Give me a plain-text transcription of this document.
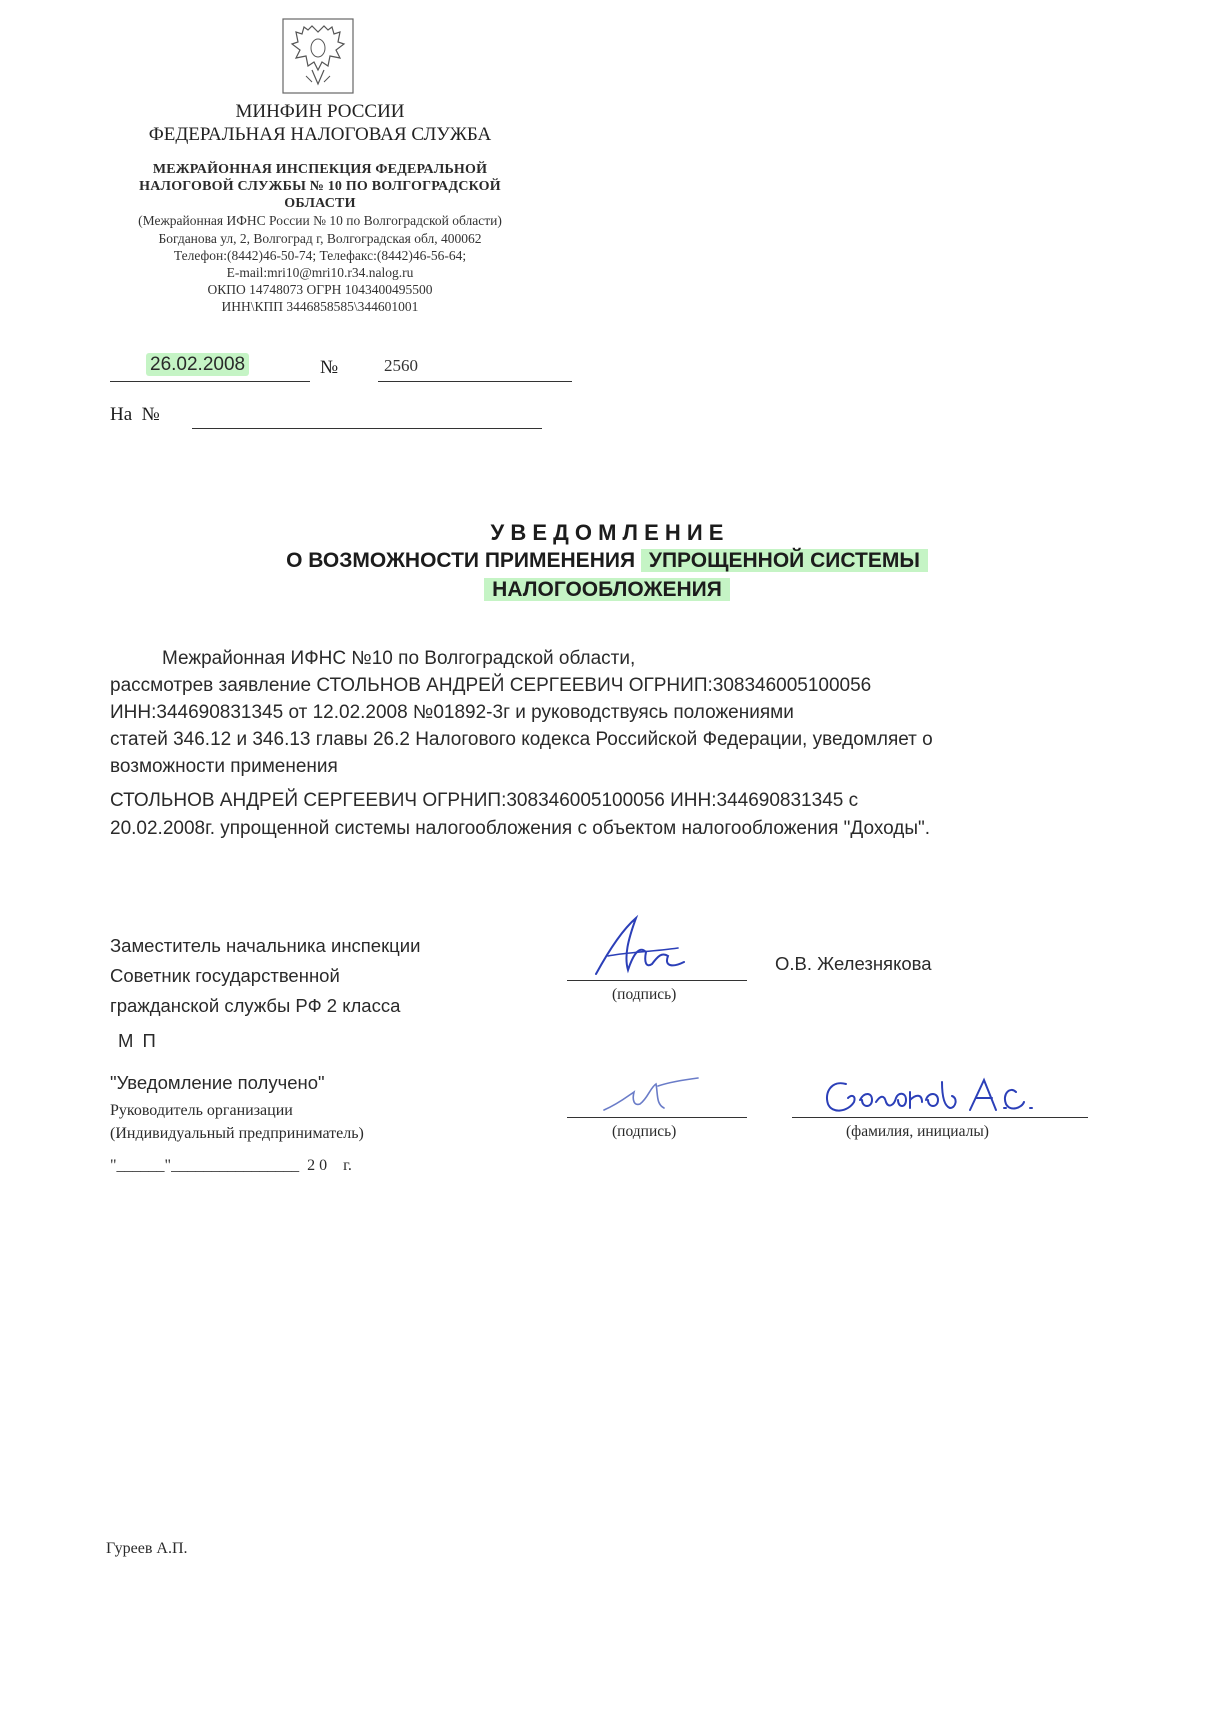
МИНФИН РОССИИ
ФЕДЕРАЛЬНАЯ НАЛОГОВАЯ СЛУЖБА
МЕЖРАЙОННАЯ ИНСПЕКЦИЯ ФЕДЕРАЛЬНОЙ
НАЛОГОВОЙ СЛУЖБЫ № 10 ПО ВОЛГОГРАДСКОЙ
ОБЛАСТИ
(Межрайонная ИФНС России № 10 по Волгоградской области)
Богданова ул, 2, Волгоград г, Волгоградская обл, 400062
Телефон:(8442)46-50-74; Телефакс:(8442)46-56-64;
E-mail:mri10@mri10.r34.nalog.ru
ОКПО 14748073 ОГРН 1043400495500
ИНН\КПП 3446858585\344601001
26.02.2008	№	2560
На  №
У В Е Д О М Л Е Н И Е
О ВОЗМОЖНОСТИ ПРИМЕНЕНИЯ УПРОЩЕННОЙ СИСТЕМЫ
НАЛОГООБЛОЖЕНИЯ
Межрайонная ИФНС №10 по Волгоградской области,
рассмотрев заявление СТОЛЬНОВ АНДРЕЙ СЕРГЕЕВИЧ ОГРНИП:308346005100056
ИНН:344690831345 от 12.02.2008 №01892-3г и руководствуясь положениями
статей 346.12 и 346.13 главы 26.2 Налогового кодекса Российской Федерации, уведомляет о
возможности применения
СТОЛЬНОВ АНДРЕЙ СЕРГЕЕВИЧ ОГРНИП:308346005100056 ИНН:344690831345 с
20.02.2008г. упрощенной системы налогообложения с объектом налогообложения "Доходы".
Заместитель начальника инспекции
Советник государственной
гражданской службы РФ 2 класса
М П
(подпись)
О.В. Железнякова
"Уведомление получено"
Руководитель организации
(Индивидуальный предприниматель)
"______"________________  2 0    г.
(подпись)	(фамилия, инициалы)
Гуреев А.П.
